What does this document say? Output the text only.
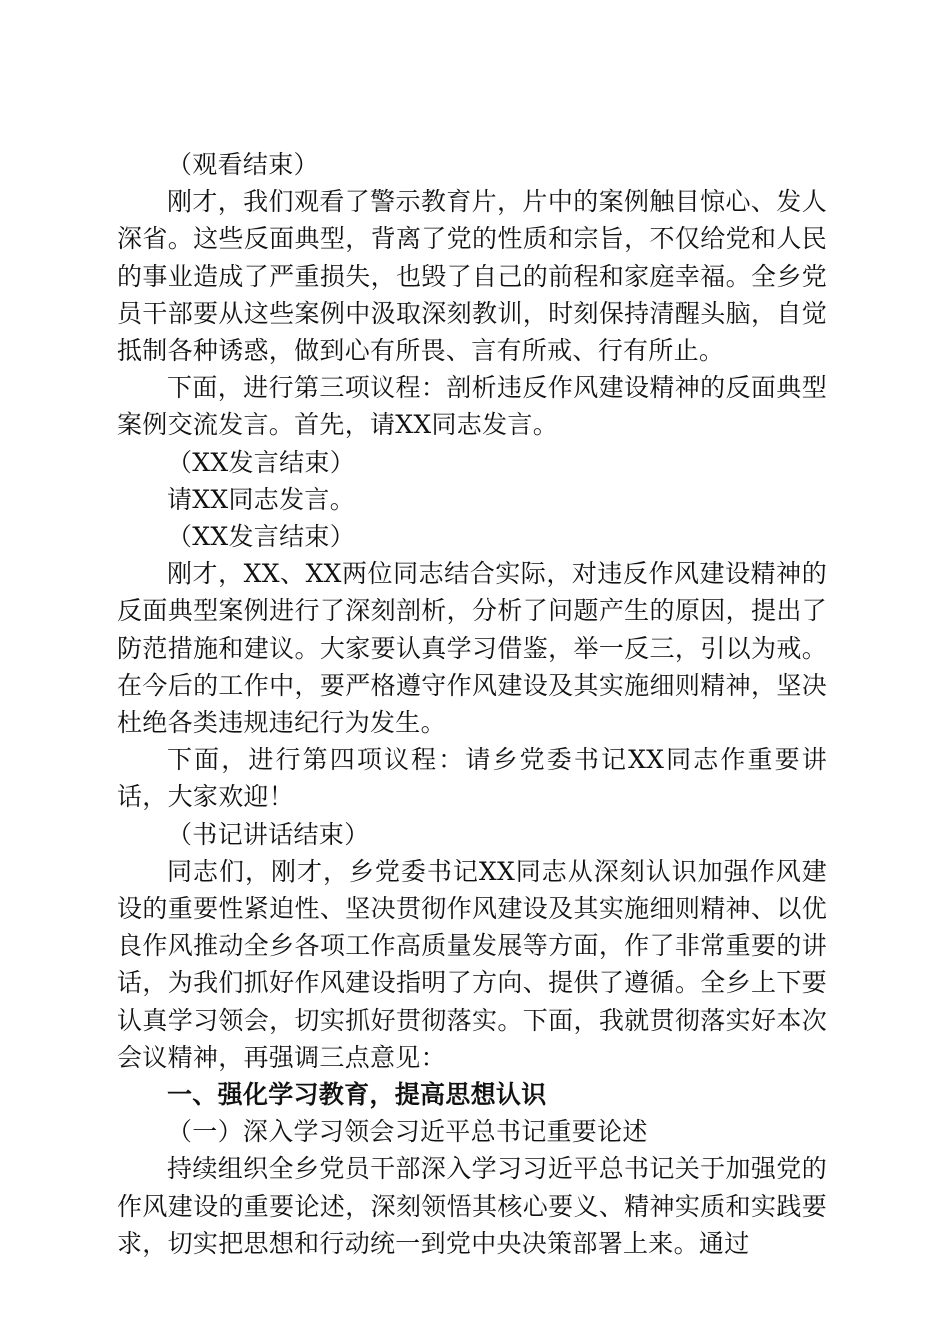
（观看结束）

刚才，我们观看了警示教育片，片中的案例触目惊心、发人深省。这些反面典型，背离了党的性质和宗旨，不仅给党和人民的事业造成了严重损失，也毁了自己的前程和家庭幸福。全乡党员干部要从这些案例中汲取深刻教训，时刻保持清醒头脑，自觉抵制各种诱惑，做到心有所畏、言有所戒、行有所止。

下面，进行第三项议程：剖析违反作风建设精神的反面典型案例交流发言。首先，请XX同志发言。

（XX发言结束）

请XX同志发言。

（XX发言结束）

刚才，XX、XX两位同志结合实际，对违反作风建设精神的反面典型案例进行了深刻剖析，分析了问题产生的原因，提出了防范措施和建议。大家要认真学习借鉴，举一反三，引以为戒。在今后的工作中，要严格遵守作风建设及其实施细则精神，坚决杜绝各类违规违纪行为发生。

下面，进行第四项议程：请乡党委书记XX同志作重要讲话，大家欢迎！

（书记讲话结束）

同志们，刚才，乡党委书记XX同志从深刻认识加强作风建设的重要性紧迫性、坚决贯彻作风建设及其实施细则精神、以优良作风推动全乡各项工作高质量发展等方面，作了非常重要的讲话，为我们抓好作风建设指明了方向、提供了遵循。全乡上下要认真学习领会，切实抓好贯彻落实。下面，我就贯彻落实好本次会议精神，再强调三点意见：

一、强化学习教育，提高思想认识

（一）深入学习领会习近平总书记重要论述

持续组织全乡党员干部深入学习习近平总书记关于加强党的作风建设的重要论述，深刻领悟其核心要义、精神实质和实践要求，切实把思想和行动统一到党中央决策部署上来。通过
